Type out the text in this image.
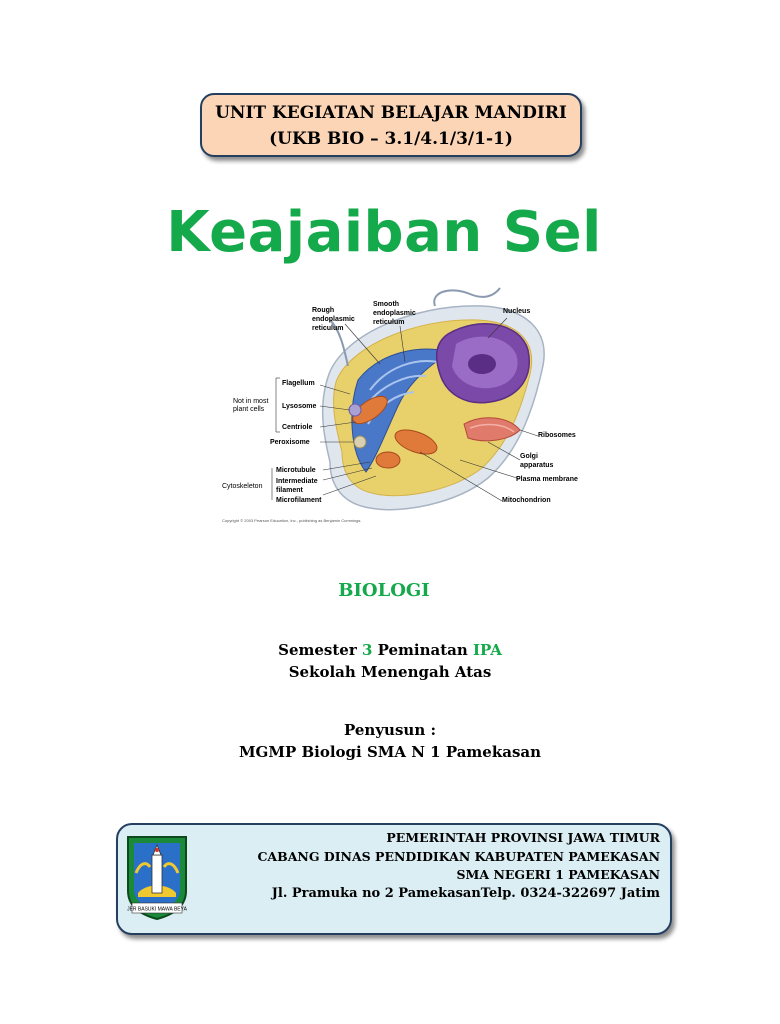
UNIT KEGIATAN BELAJAR MANDIRI
(UKB BIO – 3.1/4.1/3/1-1)
Keajaiban Sel
Rough
endoplasmic
reticulum
Smooth
endoplasmic
reticulum
Nucleus
Not in most
plant cells
Flagellum
Lysosome
Centriole
Peroxisome
Cytoskeleton
Microtubule
Intermediate
filament
Microfilament
Ribosomes
Golgi
apparatus
Plasma membrane
Mitochondrion
Copyright © 2003 Pearson Education, Inc., publishing as Benjamin Cummings.
BIOLOGI
Semester 3 Peminatan IPA
Sekolah Menengah Atas
Penyusun :
MGMP Biologi SMA N 1 Pamekasan
JER BASUKI MAWA BEYA
PEMERINTAH PROVINSI JAWA TIMUR
CABANG DINAS PENDIDIKAN KABUPATEN PAMEKASAN
SMA NEGERI 1 PAMEKASAN
Jl. Pramuka no 2 PamekasanTelp. 0324-322697 Jatim
